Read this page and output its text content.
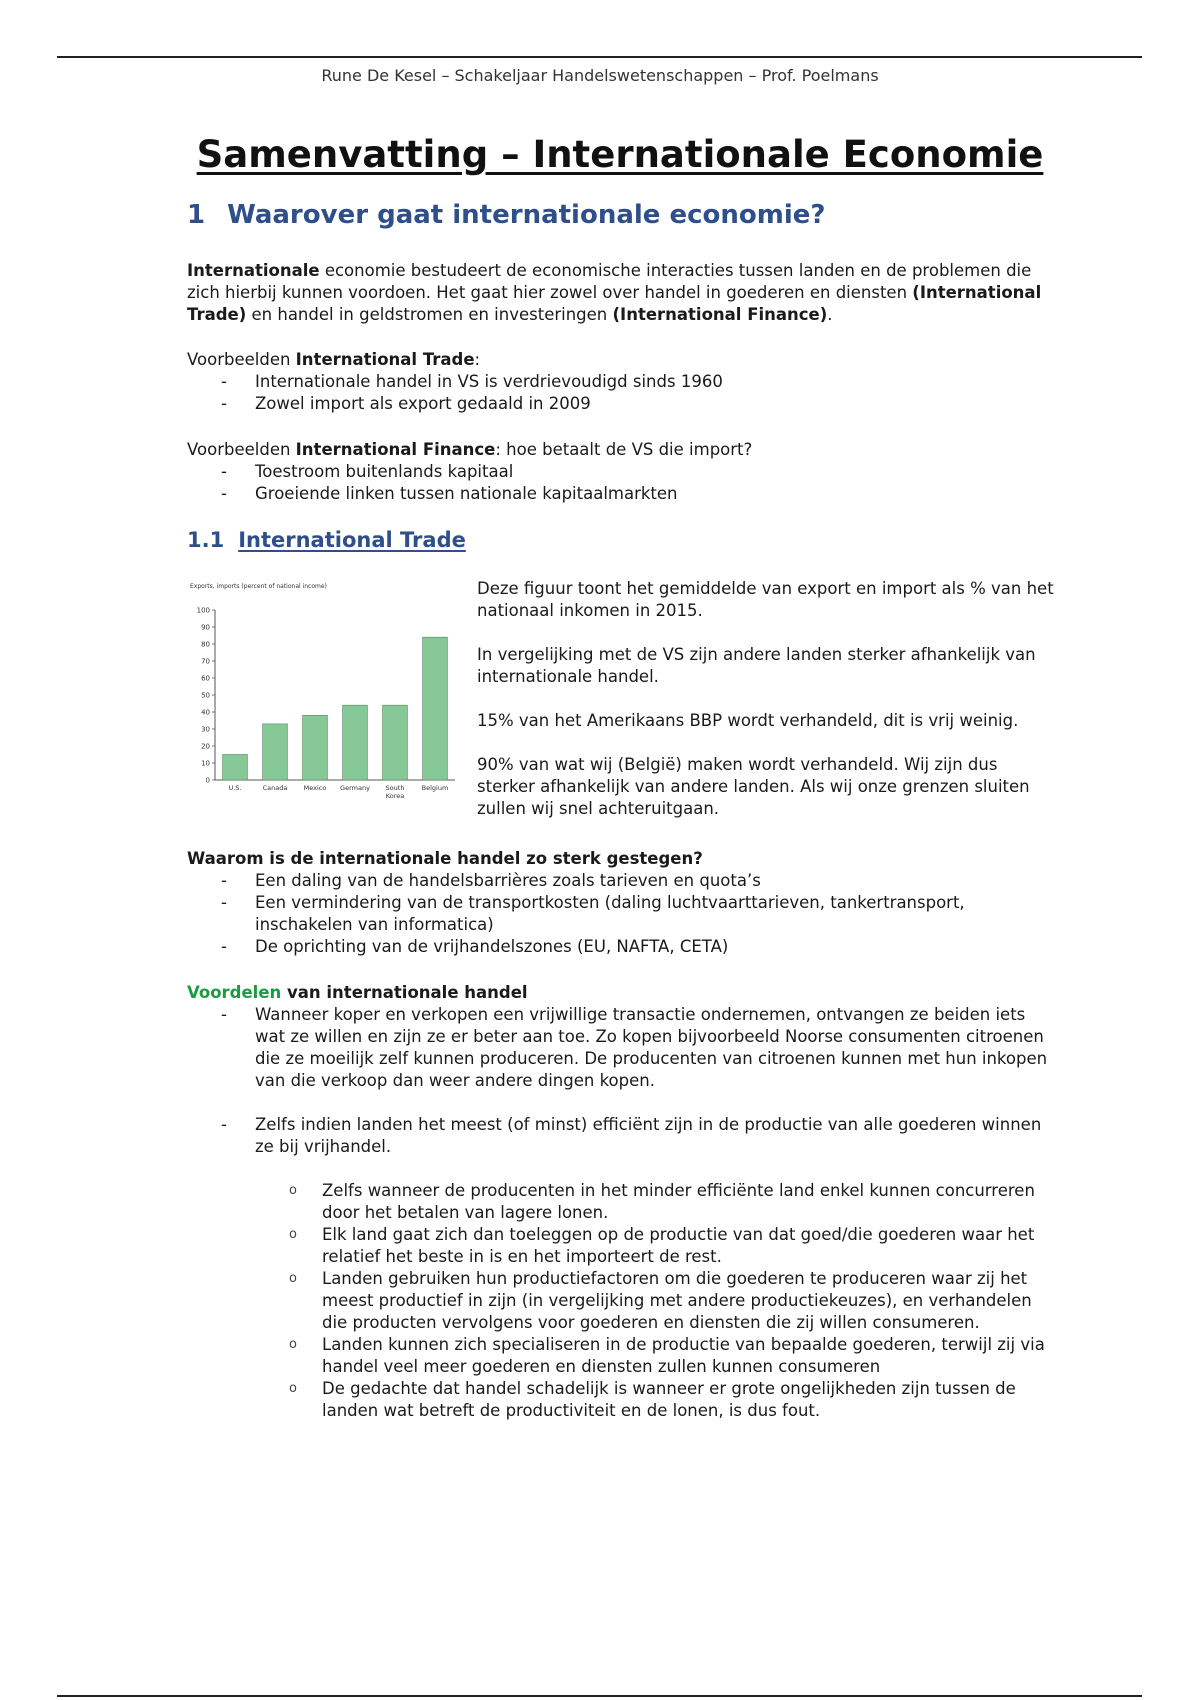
Rune De Kesel – Schakeljaar Handelswetenschappen – Prof. Poelmans
Samenvatting – Internationale Economie
1 Waarover gaat internationale economie?

Internationale economie bestudeert de economische interacties tussen landen en de problemen die zich hierbij kunnen voordoen. Het gaat hier zowel over handel in goederen en diensten (International Trade) en handel in geldstromen en investeringen (International Finance).

Voorbeelden International Trade:
- Internationale handel in VS is verdrievoudigd sinds 1960
- Zowel import als export gedaald in 2009
Voorbeelden International Finance: hoe betaalt de VS die import?
- Toestroom buitenlands kapitaal
- Groeiende linken tussen nationale kapitaalmarkten
1.1 International Trade
Exports, imports (percent of national income)
0
10
20
30
40
50
60
70
80
90
100
U.S.	Canada	Mexico Germany South
Korea
Belgium

Deze figuur toont het gemiddelde van export en import als % van het nationaal inkomen in 2015.

In vergelijking met de VS zijn andere landen sterker afhankelijk van internationale handel.

15% van het Amerikaans BBP wordt verhandeld, dit is vrij weinig.

90% van wat wij (België) maken wordt verhandeld. Wij zijn dus sterker afhankelijk van andere landen. Als wij onze grenzen sluiten zullen wij snel achteruitgaan.

Waarom is de internationale handel zo sterk gestegen?
- Een daling van de handelsbarrières zoals tarieven en quota’s
- Een vermindering van de transportkosten (daling luchtvaarttarieven, tankertransport, inschakelen van informatica)
- De oprichting van de vrijhandelszones (EU, NAFTA, CETA)
Voordelen van internationale handel
- Wanneer koper en verkopen een vrijwillige transactie ondernemen, ontvangen ze beiden iets wat ze willen en zijn ze er beter aan toe. Zo kopen bijvoorbeeld Noorse consumenten citroenen die ze moeilijk zelf kunnen produceren. De producenten van citroenen kunnen met hun inkopen van die verkoop dan weer andere dingen kopen.
- Zelfs indien landen het meest (of minst) efficiënt zijn in de productie van alle goederen winnen ze bij vrijhandel.
o Zelfs wanneer de producenten in het minder efficiënte land enkel kunnen concurreren door het betalen van lagere lonen.
o Elk land gaat zich dan toeleggen op de productie van dat goed/die goederen waar het relatief het beste in is en het importeert de rest.
o Landen gebruiken hun productiefactoren om die goederen te produceren waar zij het meest productief in zijn (in vergelijking met andere productiekeuzes), en verhandelen die producten vervolgens voor goederen en diensten die zij willen consumeren.
o Landen kunnen zich specialiseren in de productie van bepaalde goederen, terwijl zij via handel veel meer goederen en diensten zullen kunnen consumeren
o De gedachte dat handel schadelijk is wanneer er grote ongelijkheden zijn tussen de landen wat betreft de productiviteit en de lonen, is dus fout.
